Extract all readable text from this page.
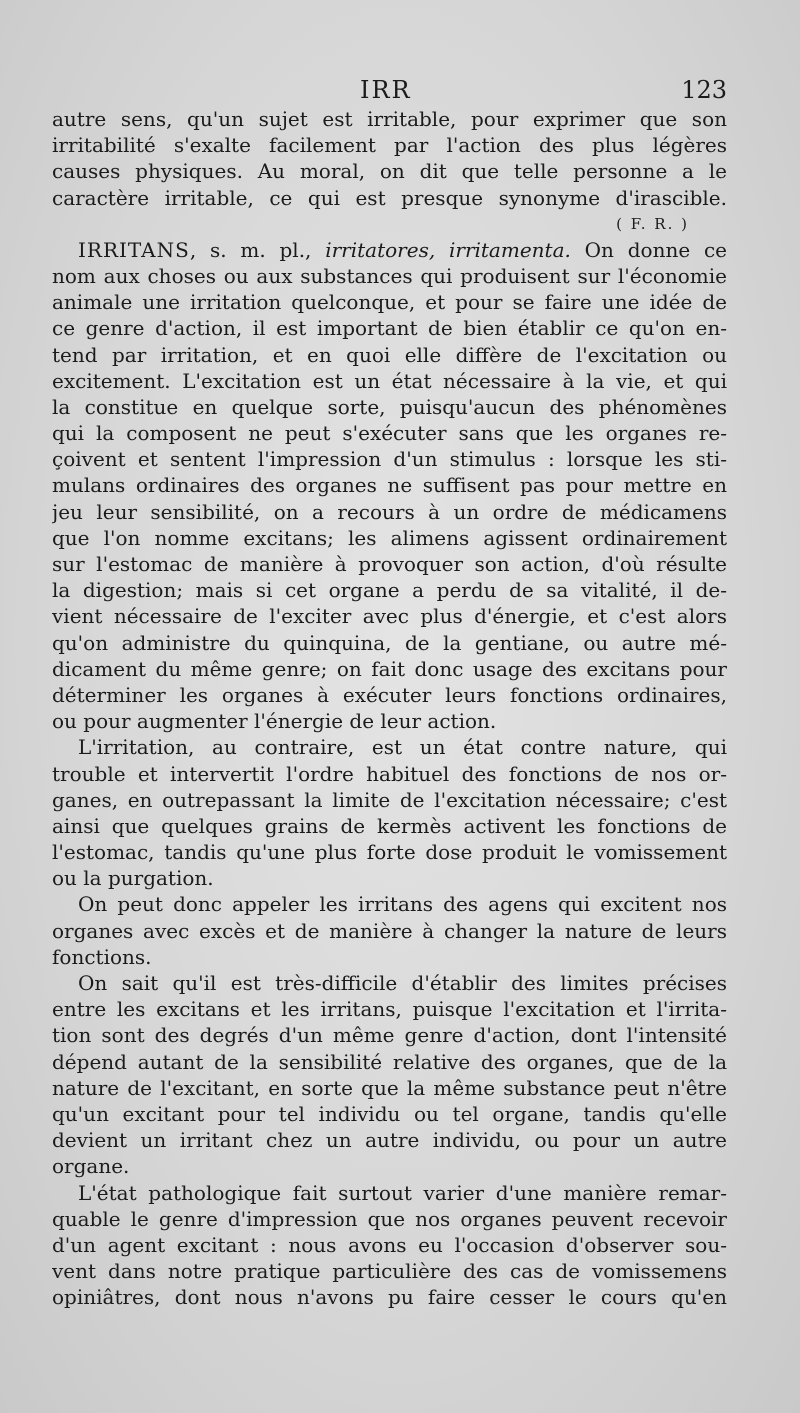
IRR	123
autre sens, qu'un sujet est irritable, pour exprimer que son
irritabilité s'exalte facilement par l'action des plus légères
causes physiques. Au moral, on dit que telle personne a le
caractère irritable, ce qui est presque synonyme d'irascible.
( F. R. )
IRRITANS, s. m. pl., irritatores, irritamenta. On donne ce
nom aux choses ou aux substances qui produisent sur l'économie
animale une irritation quelconque, et pour se faire une idée de
ce genre d'action, il est important de bien établir ce qu'on en-
tend par irritation, et en quoi elle diffère de l'excitation ou
excitement. L'excitation est un état nécessaire à la vie, et qui
la constitue en quelque sorte, puisqu'aucun des phénomènes
qui la composent ne peut s'exécuter sans que les organes re-
çoivent et sentent l'impression d'un stimulus : lorsque les sti-
mulans ordinaires des organes ne suffisent pas pour mettre en
jeu leur sensibilité, on a recours à un ordre de médicamens
que l'on nomme excitans; les alimens agissent ordinairement
sur l'estomac de manière à provoquer son action, d'où résulte
la digestion; mais si cet organe a perdu de sa vitalité, il de-
vient nécessaire de l'exciter avec plus d'énergie, et c'est alors
qu'on administre du quinquina, de la gentiane, ou autre mé-
dicament du même genre; on fait donc usage des excitans pour
déterminer les organes à exécuter leurs fonctions ordinaires,
ou pour augmenter l'énergie de leur action.
L'irritation, au contraire, est un état contre nature, qui
trouble et intervertit l'ordre habituel des fonctions de nos or-
ganes, en outrepassant la limite de l'excitation nécessaire; c'est
ainsi que quelques grains de kermès activent les fonctions de
l'estomac, tandis qu'une plus forte dose produit le vomissement
ou la purgation.
On peut donc appeler les irritans des agens qui excitent nos
organes avec excès et de manière à changer la nature de leurs
fonctions.
On sait qu'il est très-difficile d'établir des limites précises
entre les excitans et les irritans, puisque l'excitation et l'irrita-
tion sont des degrés d'un même genre d'action, dont l'intensité
dépend autant de la sensibilité relative des organes, que de la
nature de l'excitant, en sorte que la même substance peut n'être
qu'un excitant pour tel individu ou tel organe, tandis qu'elle
devient un irritant chez un autre individu, ou pour un autre
organe.
L'état pathologique fait surtout varier d'une manière remar-
quable le genre d'impression que nos organes peuvent recevoir
d'un agent excitant : nous avons eu l'occasion d'observer sou-
vent dans notre pratique particulière des cas de vomissemens
opiniâtres, dont nous n'avons pu faire cesser le cours qu'en
